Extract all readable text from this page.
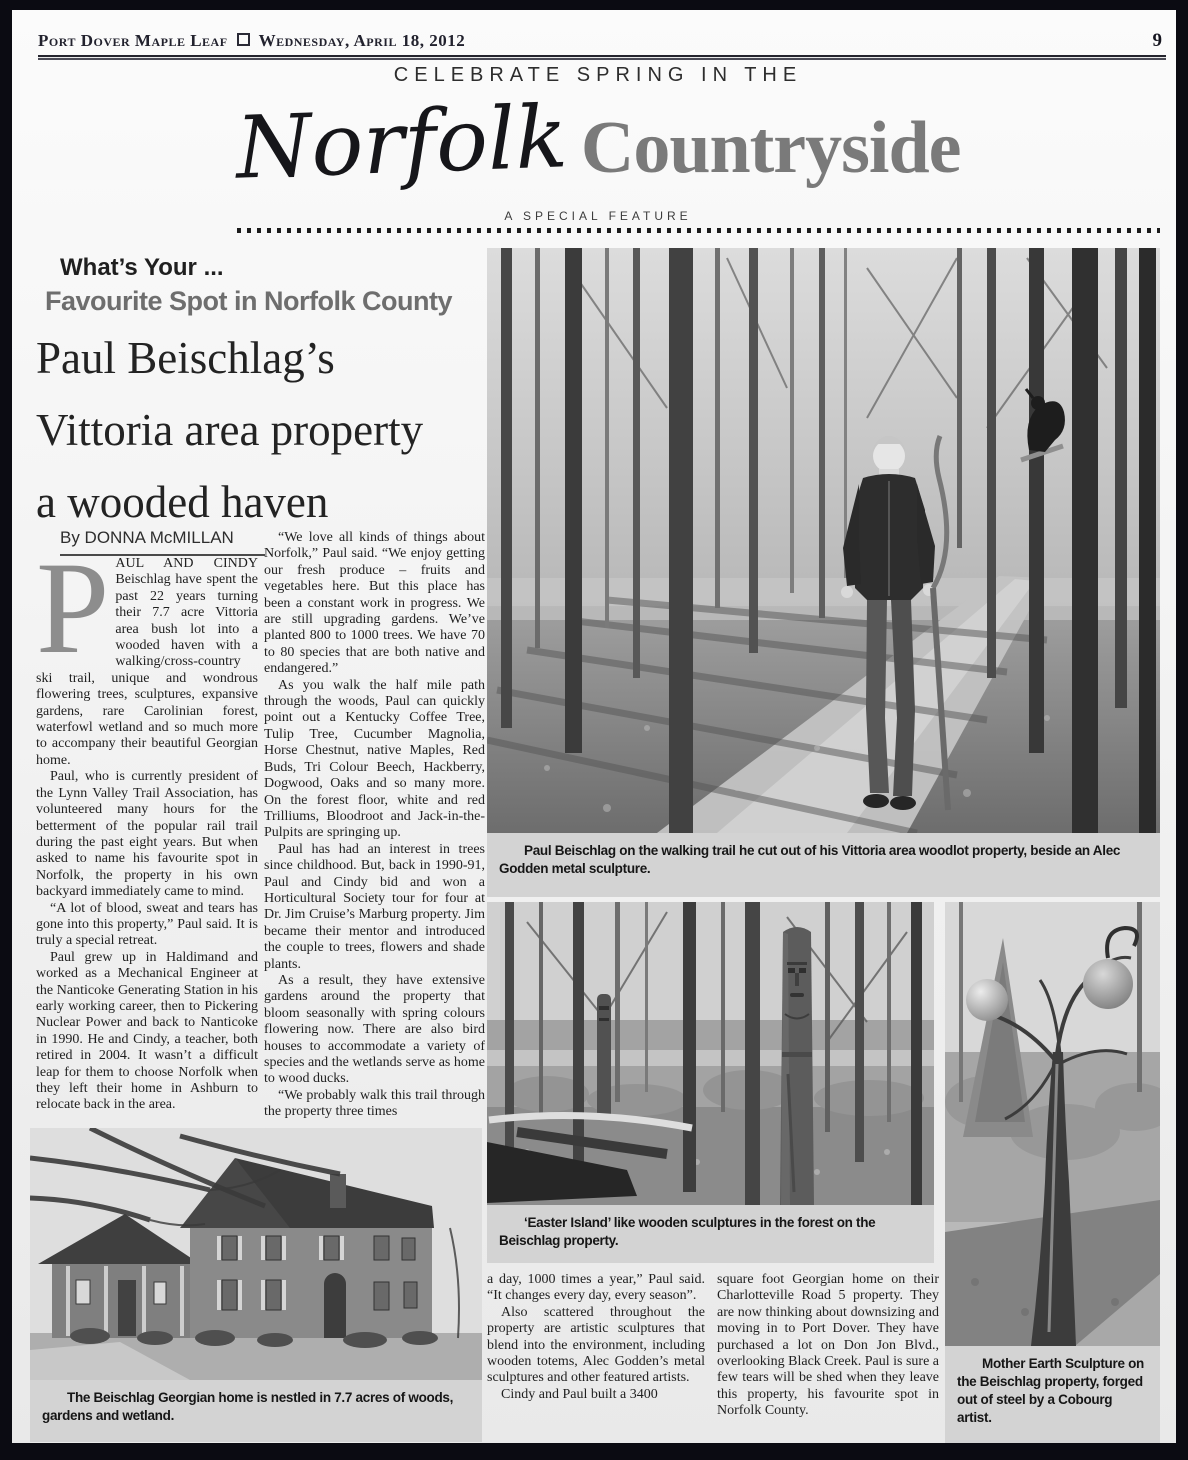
Port Dover Maple Leaf Wednesday, April 18, 2012	9
CELEBRATE SPRING IN THE
Norfolk Countryside
A SPECIAL FEATURE
What’s Your ...
Favourite Spot in Norfolk County
Paul Beischlag’s
Vittoria area property
a wooded haven
By DONNA McMILLAN

PAUL AND CINDY Beischlag have spent the past 22 years turning their 7.7 acre Vittoria area bush lot into a wooded haven with a walking/cross-country ski trail, unique and wondrous flowering trees, sculptures, expansive gardens, rare Carolinian forest, waterfowl wetland and so much more to accompany their beautiful Georgian home.

Paul, who is currently president of the Lynn Valley Trail Association, has volunteered many hours for the betterment of the popular rail trail during the past eight years. But when asked to name his favourite spot in Norfolk, the property in his own backyard immediately came to mind.

“A lot of blood, sweat and tears has gone into this property,” Paul said. It is truly a special retreat.

Paul grew up in Haldimand and worked as a Mechanical Engineer at the Nanticoke Generating Station in his early working career, then to Pickering Nuclear Power and back to Nanticoke in 1990. He and Cindy, a teacher, both retired in 2004. It wasn’t a difficult leap for them to choose Norfolk when they left their home in Ashburn to relocate back in the area.

“We love all kinds of things about Norfolk,” Paul said. “We enjoy getting our fresh produce – fruits and vegetables here. But this place has been a constant work in progress. We are still upgrading gardens. We’ve planted 800 to 1000 trees. We have 70 to 80 species that are both native and endangered.”

As you walk the half mile path through the woods, Paul can quickly point out a Kentucky Coffee Tree, Tulip Tree, Cucumber Magnolia, Horse Chestnut, native Maples, Red Buds, Tri Colour Beech, Hackberry, Dogwood, Oaks and so many more. On the forest floor, white and red Trilliums, Bloodroot and Jack-in-the-Pulpits are springing up.

Paul has had an interest in trees since childhood. But, back in 1990-91, Paul and Cindy bid and won a Horticultural Society tour for four at Dr. Jim Cruise’s Marburg property. Jim became their mentor and introduced the couple to trees, flowers and shade plants.

As a result, they have extensive gardens around the property that bloom seasonally with spring colours flowering now. There are also bird houses to accommodate a variety of species and the wetlands serve as home to wood ducks.

“We probably walk this trail through the property three times

Paul Beischlag on the walking trail he cut out of his Vittoria area woodlot property, beside an Alec Godden metal sculpture.
‘Easter Island’ like wooden sculptures in the forest on the Beischlag property.
Mother Earth Sculpture on the Beischlag property, forged out of steel by a Cobourg artist.
The Beischlag Georgian home is nestled in 7.7 acres of woods, gardens and wetland.

a day, 1000 times a year,” Paul said. “It changes every day, every season”.

Also scattered throughout the property are artistic sculptures that blend into the environment, including wooden totems, Alec Godden’s metal sculptures and other featured artists.

Cindy and Paul built a 3400

square foot Georgian home on their Charlotteville Road 5 property. They are now thinking about downsizing and moving in to Port Dover. They have purchased a lot on Don Jon Blvd., overlooking Black Creek. Paul is sure a few tears will be shed when they leave this property, his favourite spot in Norfolk County.
